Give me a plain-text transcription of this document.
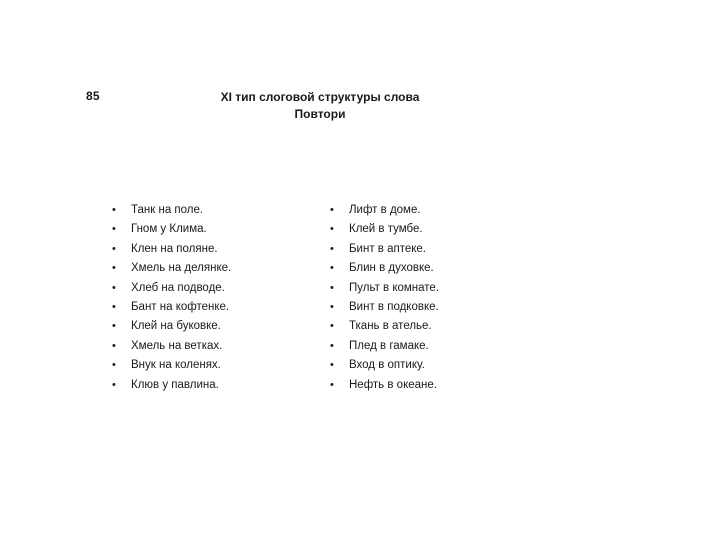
85	XI тип слоговой структуры слова
Повтори
• Танк на поле.
• Гном у Клима.
• Клен на поляне.
• Хмель на делянке.
• Хлеб на подводе.
• Бант на кофтенке.
• Клей на буковке.
• Хмель на ветках.
• Внук на коленях.
• Клюв у павлина.
• Лифт в доме.
• Клей в тумбе.
• Бинт в аптеке.
• Блин в духовке.
• Пульт в комнате.
• Винт в подковке.
• Ткань в ателье.
• Плед в гамаке.
• Вход в оптику.
• Нефть в океане.
